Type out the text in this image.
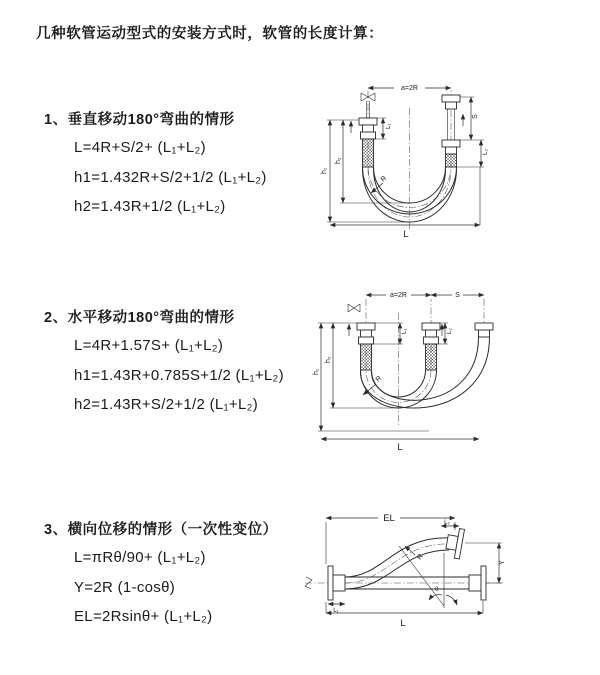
几种软管运动型式的安装方式时，软管的长度计算：
1、垂直移动180°弯曲的情形
L=4R+S/2+ (L₁+L₂)
h1=1.432R+S/2+1/2 (L₁+L₂)
h2=1.43R+1/2 (L₁+L₂)
2、水平移动180°弯曲的情形
L=4R+1.57S+ (L₁+L₂)
h1=1.43R+0.785S+1/2 (L₁+L₂)
h2=1.43R+S/2+1/2 (L₁+L₂)
3、横向位移的情形（一次性变位）
L=πRθ/90+ (L₁+L₂)
Y=2R (1-cosθ)
EL=2Rsinθ+ (L₁+L₂)
a=2R
R
L
h₁
h₂
L₁
S
L₂
a=2R	S
R
h₁
h₂
L
L₁	L₂
EL	L₂
Y
θ
R
L
L₁
